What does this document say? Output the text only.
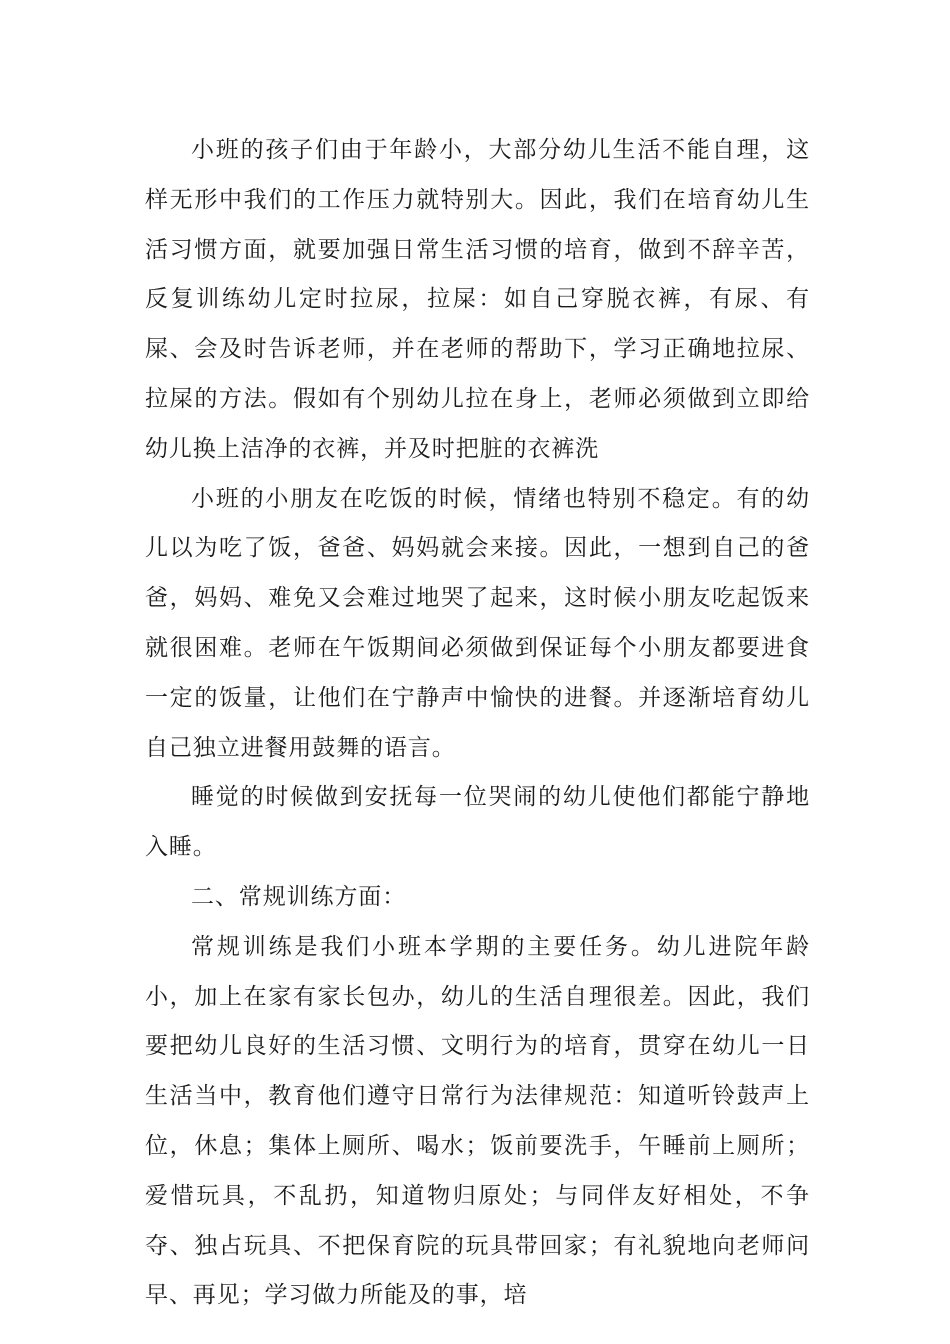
小班的孩子们由于年龄小，大部分幼儿生活不能自理，这样无形中我们的工作压力就特别大。因此，我们在培育幼儿生活习惯方面，就要加强日常生活习惯的培育，做到不辞辛苦，反复训练幼儿定时拉尿，拉屎：如自己穿脱衣裤，有尿、有屎、会及时告诉老师，并在老师的帮助下，学习正确地拉尿、拉屎的方法。假如有个别幼儿拉在身上，老师必须做到立即给幼儿换上洁净的衣裤，并及时把脏的衣裤洗

小班的小朋友在吃饭的时候，情绪也特别不稳定。有的幼儿以为吃了饭，爸爸、妈妈就会来接。因此，一想到自己的爸爸，妈妈、难免又会难过地哭了起来，这时候小朋友吃起饭来就很困难。老师在午饭期间必须做到保证每个小朋友都要进食一定的饭量，让他们在宁静声中愉快的进餐。并逐渐培育幼儿自己独立进餐用鼓舞的语言。

睡觉的时候做到安抚每一位哭闹的幼儿使他们都能宁静地入睡。

二、常规训练方面：

常规训练是我们小班本学期的主要任务。幼儿进院年龄小，加上在家有家长包办，幼儿的生活自理很差。因此，我们要把幼儿良好的生活习惯、文明行为的培育，贯穿在幼儿一日生活当中，教育他们遵守日常行为法律规范：知道听铃鼓声上位，休息；集体上厕所、喝水；饭前要洗手，午睡前上厕所；爱惜玩具，不乱扔，知道物归原处；与同伴友好相处，不争夺、独占玩具、不把保育院的玩具带回家；有礼貌地向老师问早、再见；学习做力所能及的事，培
